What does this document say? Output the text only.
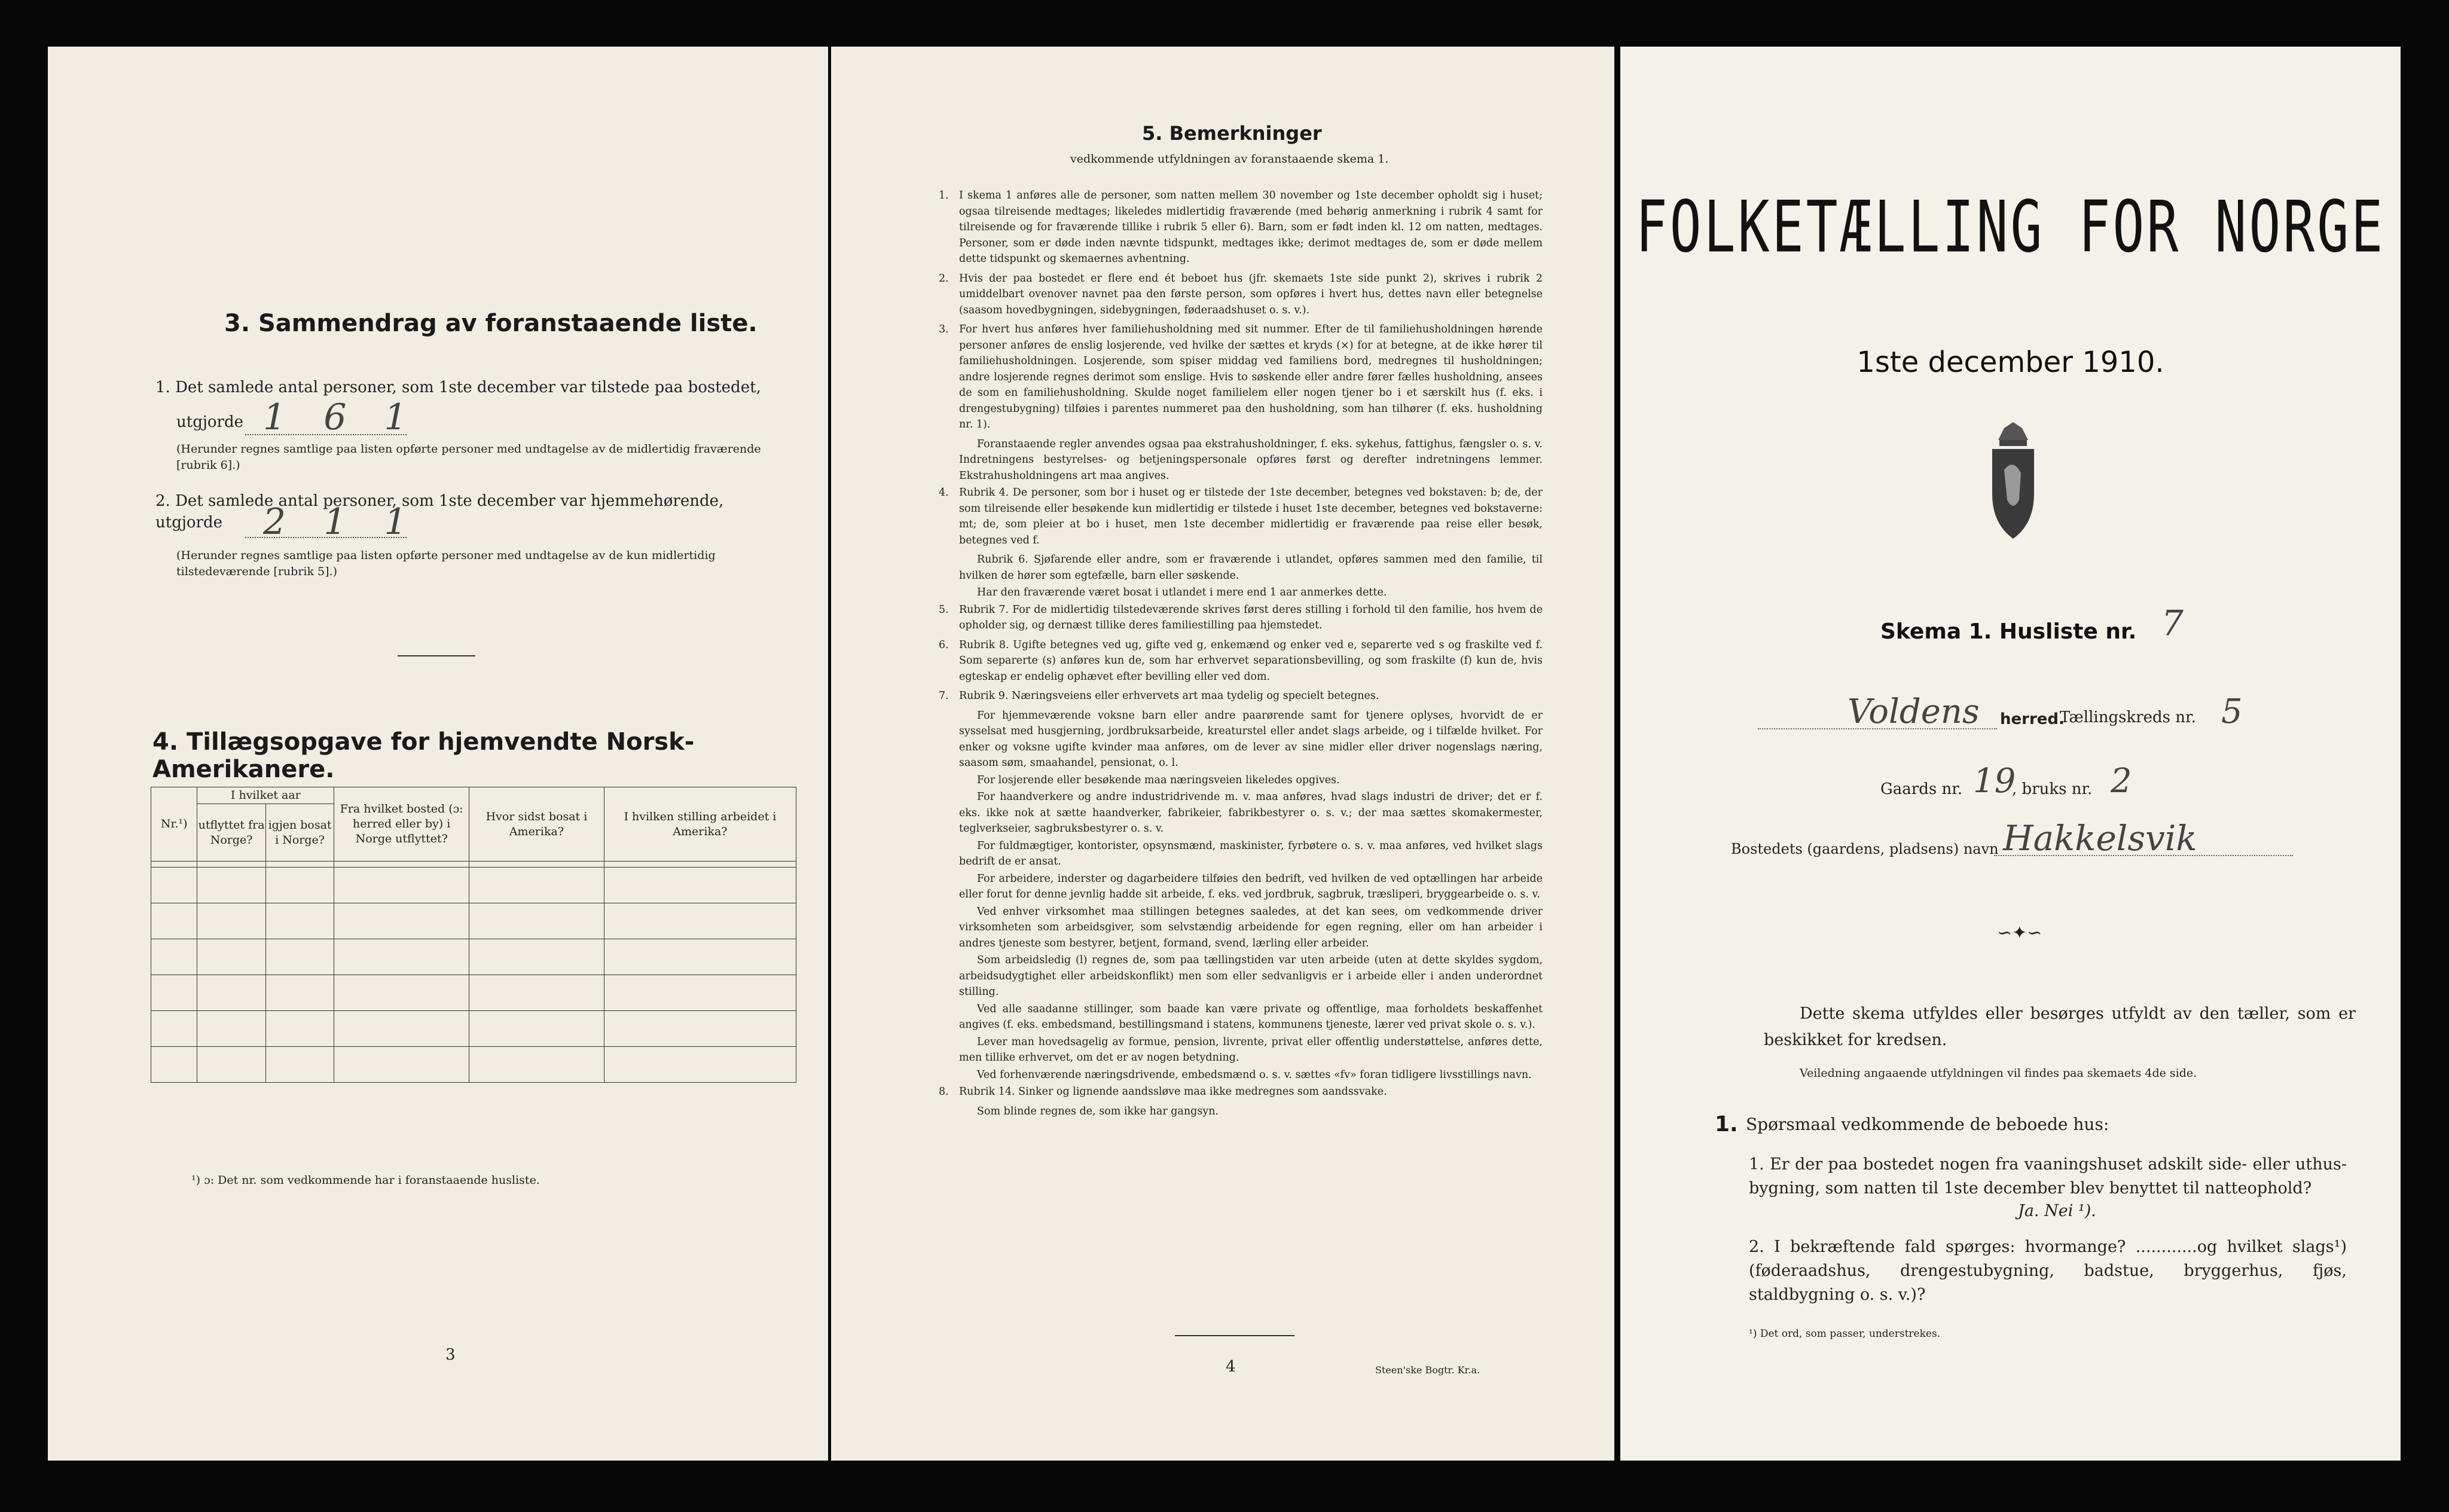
3. Sammendrag av foranstaaende liste.
1. Det samlede antal personer, som 1ste december var tilstede paa bostedet,
utgjorde 1 6 1
(Herunder regnes samtlige paa listen opførte personer med undtagelse av de midlertidig fraværende [rubrik 6].)
2. Det samlede antal personer, som 1ste december var hjemmehørende, utgjorde	2 1 1
(Herunder regnes samtlige paa listen opførte personer med undtagelse av de kun midlertidig tilstedeværende [rubrik 5].)
4. Tillægsopgave for hjemvendte Norsk-Amerikanere.
Nr.¹)	I hvilket aar		Fra hvilket bosted (ɔ: herred eller by) i Norge utflyttet?	Hvor sidst bosat i Amerika?	I hvilken stilling arbeidet i Amerika?
	utflyttet fra Norge?	igjen bosat i Norge?			

¹) ɔ: Det nr. som vedkommende har i foranstaaende husliste.
3
5. Bemerkninger
vedkommende utfyldningen av foranstaaende skema 1.
1. I skema 1 anføres alle de personer, som natten mellem 30 november og 1ste december opholdt sig i huset; ogsaa tilreisende medtages; likeledes midlertidig fraværende (med behørig anmerkning i rubrik 4 samt for tilreisende og for fraværende tillike i rubrik 5 eller 6). Barn, som er født inden kl. 12 om natten, medtages. Personer, som er døde inden nævnte tidspunkt, medtages ikke; derimot medtages de, som er døde mellem dette tidspunkt og skemaernes avhentning.
2. Hvis der paa bostedet er flere end ét beboet hus (jfr. skemaets 1ste side punkt 2), skrives i rubrik 2 umiddelbart ovenover navnet paa den første person, som opføres i hvert hus, dettes navn eller betegnelse (saasom hovedbygningen, sidebygningen, føderaadshuset o. s. v.).
3. For hvert hus anføres hver familiehusholdning med sit nummer. Efter de til familiehusholdningen hørende personer anføres de enslig losjerende, ved hvilke der sættes et kryds (×) for at betegne, at de ikke hører til familiehusholdningen. Losjerende, som spiser middag ved familiens bord, medregnes til husholdningen; andre losjerende regnes derimot som enslige. Hvis to søskende eller andre fører fælles husholdning, ansees de som en familiehusholdning. Skulde noget familielem eller nogen tjener bo i et særskilt hus (f. eks. i drengestubygning) tilføies i parentes nummeret paa den husholdning, som han tilhører (f. eks. husholdning nr. 1).
Foranstaaende regler anvendes ogsaa paa ekstrahusholdninger, f. eks. sykehus, fattighus, fængsler o. s. v. Indretningens bestyrelses- og betjeningspersonale opføres først og derefter indretningens lemmer. Ekstrahusholdningens art maa angives.
4. Rubrik 4. De personer, som bor i huset og er tilstede der 1ste december, betegnes ved bokstaven: b; de, der som tilreisende eller besøkende kun midlertidig er tilstede i huset 1ste december, betegnes ved bokstaverne: mt; de, som pleier at bo i huset, men 1ste december midlertidig er fraværende paa reise eller besøk, betegnes ved f.
Rubrik 6. Sjøfarende eller andre, som er fraværende i utlandet, opføres sammen med den familie, til hvilken de hører som egtefælle, barn eller søskende.
Har den fraværende været bosat i utlandet i mere end 1 aar anmerkes dette.
5. Rubrik 7. For de midlertidig tilstedeværende skrives først deres stilling i forhold til den familie, hos hvem de opholder sig, og dernæst tillike deres familiestilling paa hjemstedet.
6. Rubrik 8. Ugifte betegnes ved ug, gifte ved g, enkemænd og enker ved e, separerte ved s og fraskilte ved f. Som separerte (s) anføres kun de, som har erhvervet separationsbevilling, og som fraskilte (f) kun de, hvis egteskap er endelig ophævet efter bevilling eller ved dom.
7. Rubrik 9. Næringsveiens eller erhvervets art maa tydelig og specielt betegnes.
For hjemmeværende voksne barn eller andre paarørende samt for tjenere oplyses, hvorvidt de er sysselsat med husgjerning, jordbruksarbeide, kreaturstel eller andet slags arbeide, og i tilfælde hvilket. For enker og voksne ugifte kvinder maa anføres, om de lever av sine midler eller driver nogenslags næring, saasom søm, smaahandel, pensionat, o. l.
For losjerende eller besøkende maa næringsveien likeledes opgives.
For haandverkere og andre industridrivende m. v. maa anføres, hvad slags industri de driver; det er f. eks. ikke nok at sætte haandverker, fabrikeier, fabrikbestyrer o. s. v.; der maa sættes skomakermester, teglverkseier, sagbruksbestyrer o. s. v.
For fuldmægtiger, kontorister, opsynsmænd, maskinister, fyrbøtere o. s. v. maa anføres, ved hvilket slags bedrift de er ansat.
For arbeidere, inderster og dagarbeidere tilføies den bedrift, ved hvilken de ved optællingen har arbeide eller forut for denne jevnlig hadde sit arbeide, f. eks. ved jordbruk, sagbruk, træsliperi, bryggearbeide o. s. v.
Ved enhver virksomhet maa stillingen betegnes saaledes, at det kan sees, om vedkommende driver virksomheten som arbeidsgiver, som selvstændig arbeidende for egen regning, eller om han arbeider i andres tjeneste som bestyrer, betjent, formand, svend, lærling eller arbeider.
Som arbeidsledig (l) regnes de, som paa tællingstiden var uten arbeide (uten at dette skyldes sygdom, arbeidsudygtighet eller arbeidskonflikt) men som eller sedvanligvis er i arbeide eller i anden underordnet stilling.
Ved alle saadanne stillinger, som baade kan være private og offentlige, maa forholdets beskaffenhet angives (f. eks. embedsmand, bestillingsmand i statens, kommunens tjeneste, lærer ved privat skole o. s. v.).
Lever man hovedsagelig av formue, pension, livrente, privat eller offentlig understøttelse, anføres dette, men tillike erhvervet, om det er av nogen betydning.
Ved forhenværende næringsdrivende, embedsmænd o. s. v. sættes «fv» foran tidligere livsstillings navn.
8. Rubrik 14. Sinker og lignende aandssløve maa ikke medregnes som aandssvake.
Som blinde regnes de, som ikke har gangsyn.
4	Steen'ske Bogtr. Kr.a.
FOLKETÆLLING FOR NORGE
1ste december 1910.
Skema 1. Husliste nr. 7
Voldens herred.
Tællingskreds nr. 5
Gaards nr. 19
, bruks nr. 2
Bostedets (gaardens, pladsens) navn Hakkelsvik
∽✦∽
Dette skema utfyldes eller besørges utfyldt av den tæller, som er beskikket for kredsen.
Veiledning angaaende utfyldningen vil findes paa skemaets 4de side.
1. Spørsmaal vedkommende de beboede hus:
1. Er der paa bostedet nogen fra vaaningshuset adskilt side- eller uthus-bygning, som natten til 1ste december blev benyttet til natteophold?
Ja. Nei ¹).
2. I bekræftende fald spørges: hvormange? ............og hvilket slags¹) (føderaadshus, drengestubygning, badstue, bryggerhus, fjøs, staldbygning o. s. v.)?
¹) Det ord, som passer, understrekes.
